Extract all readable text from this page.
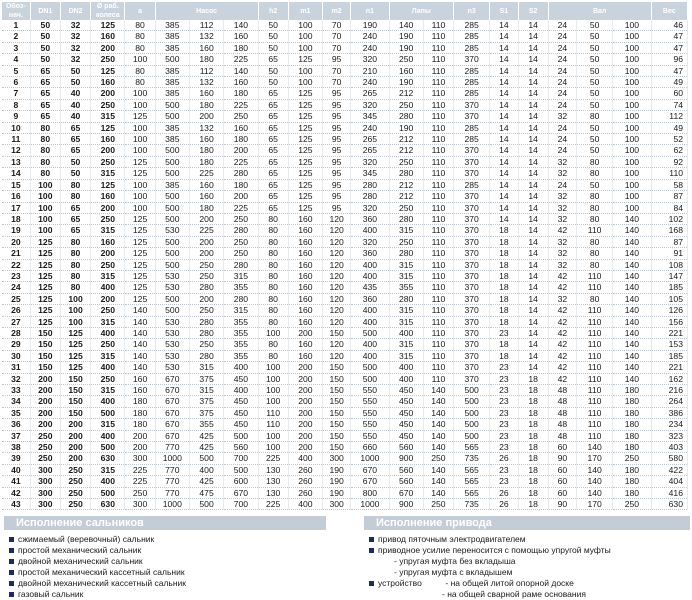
Обоз-
нач.	DN1	DN2	Ø раб.
колеса	a	Насос			h2	m1	m2	n1	Лапы		n3	S1	S2	Вал			Вес
1	50	32	125	80	385	112	140	50	100	70	190	140	110	285	14	14	24	50	100	46
2	50	32	160	80	385	132	160	50	100	70	240	190	110	285	14	14	24	50	100	47
3	50	32	200	80	385	160	180	50	100	70	240	190	110	285	14	14	24	50	100	47
4	50	32	250	100	500	180	225	65	125	95	320	250	110	370	14	14	24	50	100	96
5	65	50	125	80	385	112	140	50	100	70	210	160	110	285	14	14	24	50	100	47
6	65	50	160	80	385	132	160	50	100	70	240	190	110	285	14	14	24	50	100	49
7	65	40	200	100	385	160	180	65	125	95	265	212	110	285	14	14	24	50	100	60
8	65	40	250	100	500	180	225	65	125	95	320	250	110	370	14	14	24	50	100	74
9	65	40	315	125	500	200	250	65	125	95	345	280	110	370	14	14	32	80	100	112
10	80	65	125	100	385	132	160	65	125	95	240	190	110	285	14	14	24	50	100	49
11	80	65	160	100	385	160	180	65	125	95	265	212	110	285	14	14	24	50	100	52
12	80	65	200	100	500	180	200	65	125	95	265	212	110	370	14	14	24	50	100	62
13	80	50	250	125	500	180	225	65	125	95	320	250	110	370	14	14	32	80	100	92
14	80	50	315	125	500	225	280	65	125	95	345	280	110	370	14	14	32	80	100	110
15	100	80	125	100	385	160	180	65	125	95	280	212	110	285	14	14	24	50	100	58
16	100	80	160	100	500	160	200	65	125	95	280	212	110	370	14	14	32	80	100	87
17	100	65	200	100	500	180	225	65	125	95	320	250	110	370	14	14	32	80	100	84
18	100	65	250	125	500	200	250	80	160	120	360	280	110	370	14	14	32	80	140	102
19	100	65	315	125	530	225	280	80	160	120	400	315	110	370	18	14	42	110	140	168
20	125	80	160	125	500	200	250	80	160	120	320	250	110	370	18	14	32	80	140	87
21	125	80	200	125	500	200	250	80	160	120	360	280	110	370	18	14	32	80	140	91
22	125	80	250	125	500	250	280	80	160	120	400	315	110	370	18	14	32	80	140	108
23	125	80	315	125	530	250	315	80	160	120	400	315	110	370	18	14	42	110	140	147
24	125	80	400	125	530	280	355	80	160	120	435	355	110	370	18	14	42	110	140	185
25	125	100	200	125	500	200	280	80	160	120	360	280	110	370	18	14	32	80	140	105
26	125	100	250	140	500	250	315	80	160	120	400	315	110	370	18	14	42	110	140	126
27	125	100	315	140	530	280	355	80	160	120	400	315	110	370	18	14	42	110	140	156
28	150	125	400	140	530	280	355	100	200	150	500	400	110	370	23	14	42	110	140	221
29	150	125	250	140	530	250	355	80	160	120	400	315	110	370	18	14	42	110	140	153
30	150	125	315	140	530	280	355	80	160	120	400	315	110	370	18	14	42	110	140	185
31	150	125	400	140	530	315	400	100	200	150	500	400	110	370	23	14	42	110	140	221
32	200	150	250	160	670	375	450	100	200	150	500	400	110	370	23	18	42	110	140	162
33	200	150	315	160	670	315	400	100	200	150	550	450	140	500	23	18	48	110	180	216
34	200	150	400	180	670	375	450	100	200	150	550	450	140	500	23	18	48	110	180	264
35	200	150	500	180	670	375	450	110	200	150	550	450	140	500	23	18	48	110	180	386
36	200	200	315	180	670	355	450	110	200	150	550	450	140	500	23	18	48	110	180	234
37	250	200	400	200	670	425	500	100	200	150	550	450	140	500	23	18	48	110	180	323
38	250	200	500	200	770	425	560	100	200	150	660	560	140	565	23	18	60	140	180	403
39	250	200	630	300	1000	500	700	225	400	300	1000	900	250	735	26	18	90	170	250	580
40	300	250	315	225	770	400	500	130	260	190	670	560	140	565	23	18	60	140	180	422
41	300	250	400	225	770	425	600	130	260	190	670	560	140	565	23	18	60	140	180	404
42	300	250	500	250	770	475	670	130	260	190	800	670	140	565	26	18	60	140	180	416
43	300	250	630	300	1000	500	700	225	400	300	1000	900	250	735	26	18	90	170	250	630
Исполнение сальников
сжимаемый (веревочный) сальник
простой механический сальник
двойной механический сальник
простой механический кассетный сальник
двойной механический кассетный сальник
газовый сальник
Исполнение привода
привод пяточным электродвигателем
приводное усилие переносится с помощью упругой муфты
- упругая муфта без вкладыша
- упругая муфта с вкладышем
устройство          - на общей литой опорной доске
- на общей сварной раме основания
